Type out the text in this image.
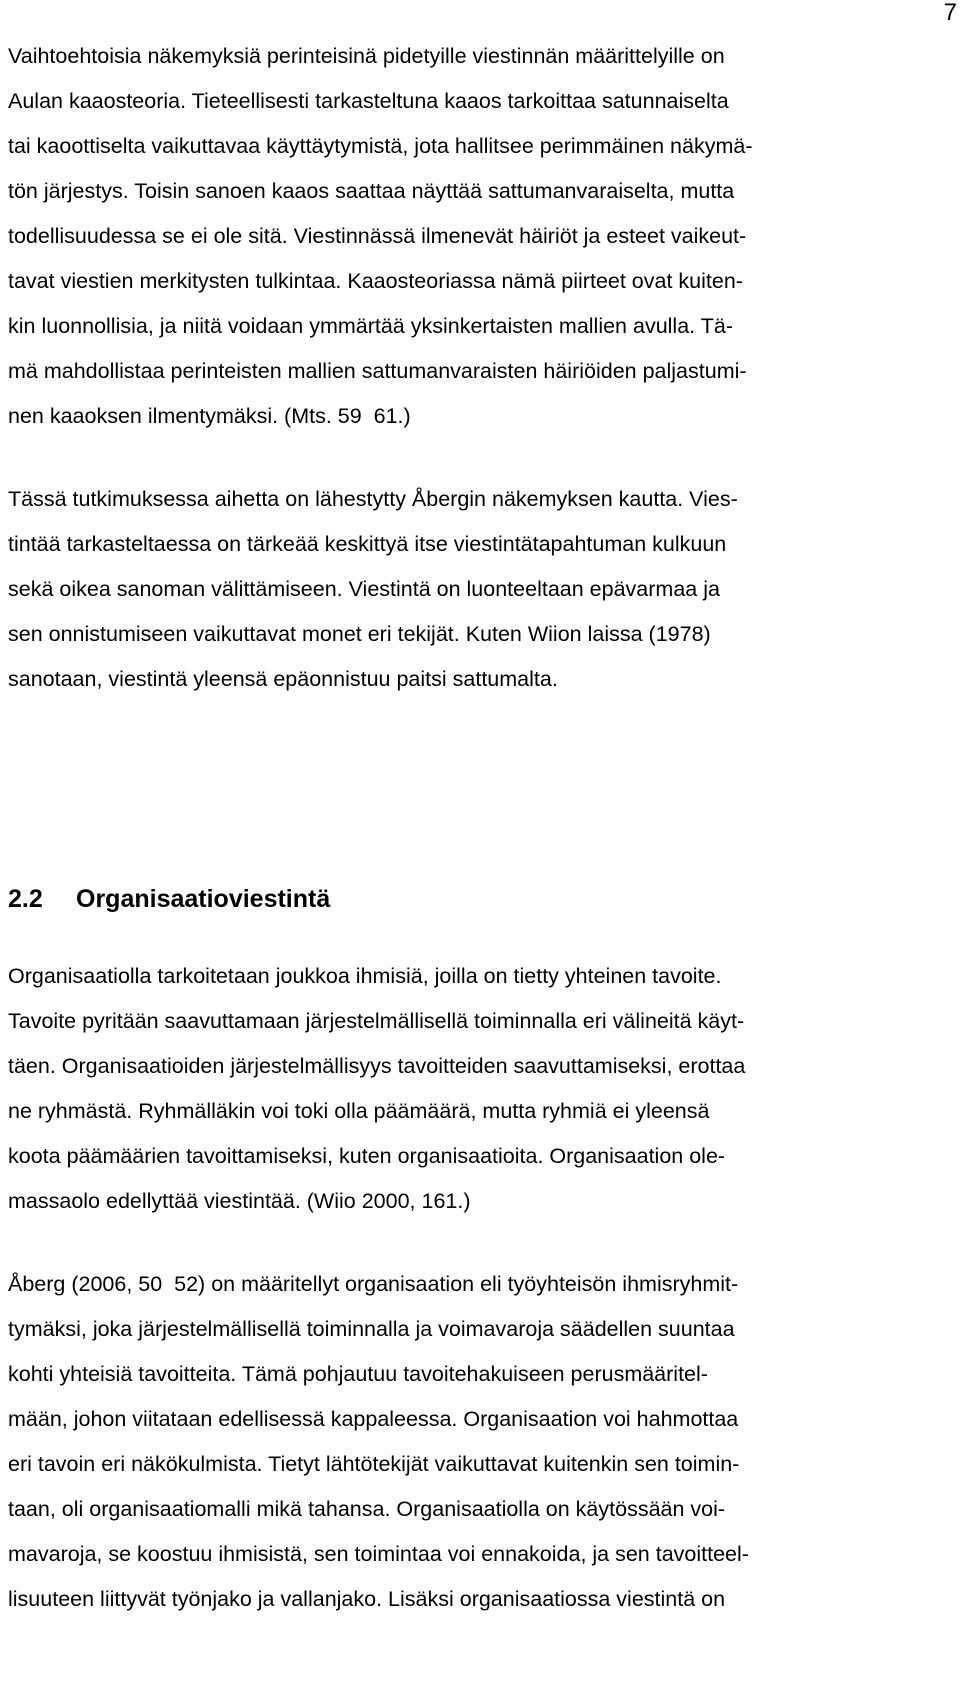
7
Vaihtoehtoisia näkemyksiä perinteisinä pidetyille viestinnän määrittelyille on
Aulan kaaosteoria. Tieteellisesti tarkasteltuna kaaos tarkoittaa satunnaiselta
tai kaoottiselta vaikuttavaa käyttäytymistä, jota hallitsee perimmäinen näkymä-
tön järjestys. Toisin sanoen kaaos saattaa näyttää sattumanvaraiselta, mutta
todellisuudessa se ei ole sitä. Viestinnässä ilmenevät häiriöt ja esteet vaikeut-
tavat viestien merkitysten tulkintaa. Kaaosteoriassa nämä piirteet ovat kuiten-
kin luonnollisia, ja niitä voidaan ymmärtää yksinkertaisten mallien avulla. Tä-
mä mahdollistaa perinteisten mallien sattumanvaraisten häiriöiden paljastumi-
nen kaaoksen ilmentymäksi. (Mts. 59  61.)
Tässä tutkimuksessa aihetta on lähestytty Åbergin näkemyksen kautta. Vies-
tintää tarkasteltaessa on tärkeää keskittyä itse viestintätapahtuman kulkuun
sekä oikea sanoman välittämiseen. Viestintä on luonteeltaan epävarmaa ja
sen onnistumiseen vaikuttavat monet eri tekijät. Kuten Wiion laissa (1978)
sanotaan, viestintä yleensä epäonnistuu paitsi sattumalta.
2.2 Organisaatioviestintä
Organisaatiolla tarkoitetaan joukkoa ihmisiä, joilla on tietty yhteinen tavoite.
Tavoite pyritään saavuttamaan järjestelmällisellä toiminnalla eri välineitä käyt-
täen. Organisaatioiden järjestelmällisyys tavoitteiden saavuttamiseksi, erottaa
ne ryhmästä. Ryhmälläkin voi toki olla päämäärä, mutta ryhmiä ei yleensä
koota päämäärien tavoittamiseksi, kuten organisaatioita. Organisaation ole-
massaolo edellyttää viestintää. (Wiio 2000, 161.)
Åberg (2006, 50  52) on määritellyt organisaation eli työyhteisön ihmisryhmit-
tymäksi, joka järjestelmällisellä toiminnalla ja voimavaroja säädellen suuntaa
kohti yhteisiä tavoitteita. Tämä pohjautuu tavoitehakuiseen perusmääritel-
mään, johon viitataan edellisessä kappaleessa. Organisaation voi hahmottaa
eri tavoin eri näkökulmista. Tietyt lähtötekijät vaikuttavat kuitenkin sen toimin-
taan, oli organisaatiomalli mikä tahansa. Organisaatiolla on käytössään voi-
mavaroja, se koostuu ihmisistä, sen toimintaa voi ennakoida, ja sen tavoitteel-
lisuuteen liittyvät työnjako ja vallanjako. Lisäksi organisaatiossa viestintä on
